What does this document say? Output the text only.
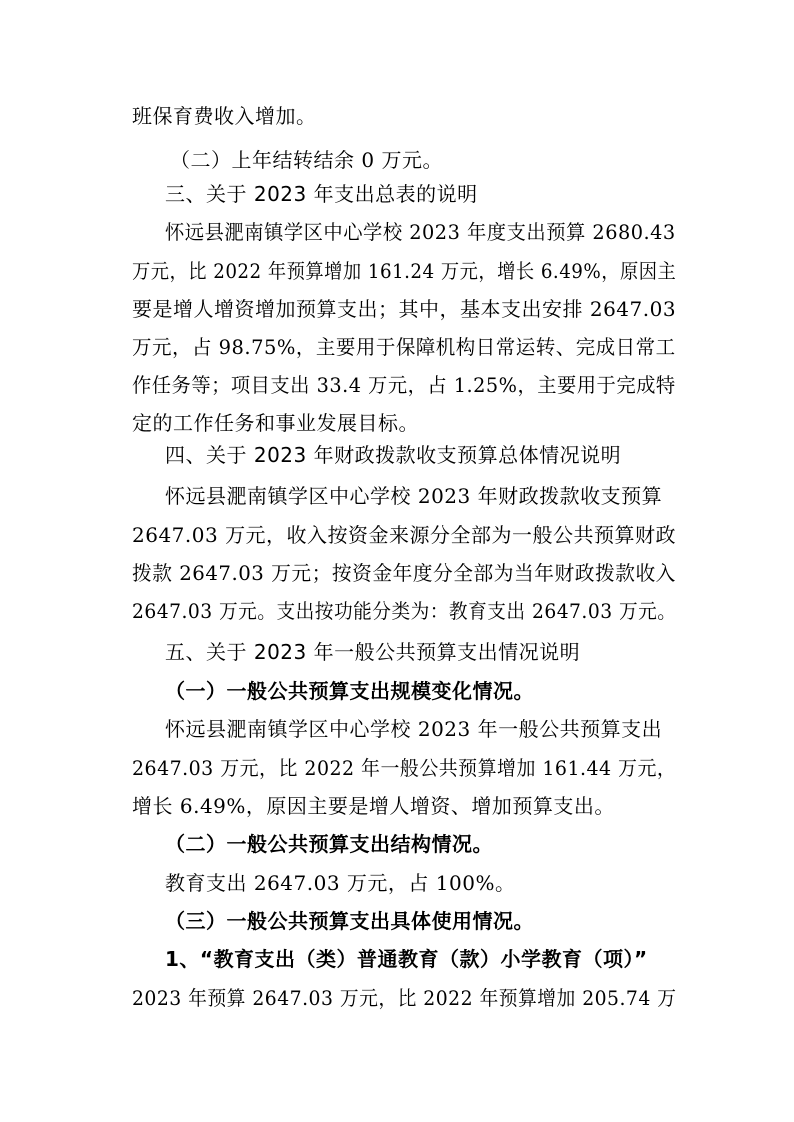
班保育费收入增加。
（二）上年结转结余 0 万元。
三、关于 2023 年支出总表的说明
怀远县淝南镇学区中心学校 2023 年度支出预算 2680.43
万元，比 2022 年预算增加 161.24 万元，增长 6.49%，原因主
要是增人增资增加预算支出；其中，基本支出安排 2647.03
万元，占 98.75%，主要用于保障机构日常运转、完成日常工
作任务等；项目支出 33.4 万元，占 1.25%，主要用于完成特
定的工作任务和事业发展目标。
四、关于 2023 年财政拨款收支预算总体情况说明
怀远县淝南镇学区中心学校 2023 年财政拨款收支预算
2647.03 万元，收入按资金来源分全部为一般公共预算财政
拨款 2647.03 万元；按资金年度分全部为当年财政拨款收入
2647.03 万元。支出按功能分类为：教育支出 2647.03 万元。
五、关于 2023 年一般公共预算支出情况说明
（一）一般公共预算支出规模变化情况。
怀远县淝南镇学区中心学校 2023 年一般公共预算支出
2647.03 万元，比 2022 年一般公共预算增加 161.44 万元，
增长 6.49%，原因主要是增人增资、增加预算支出。
（二）一般公共预算支出结构情况。
教育支出 2647.03 万元，占 100%。
（三）一般公共预算支出具体使用情况。
1、“教育支出（类）普通教育（款）小学教育（项）”
2023 年预算 2647.03 万元，比 2022 年预算增加 205.74 万
